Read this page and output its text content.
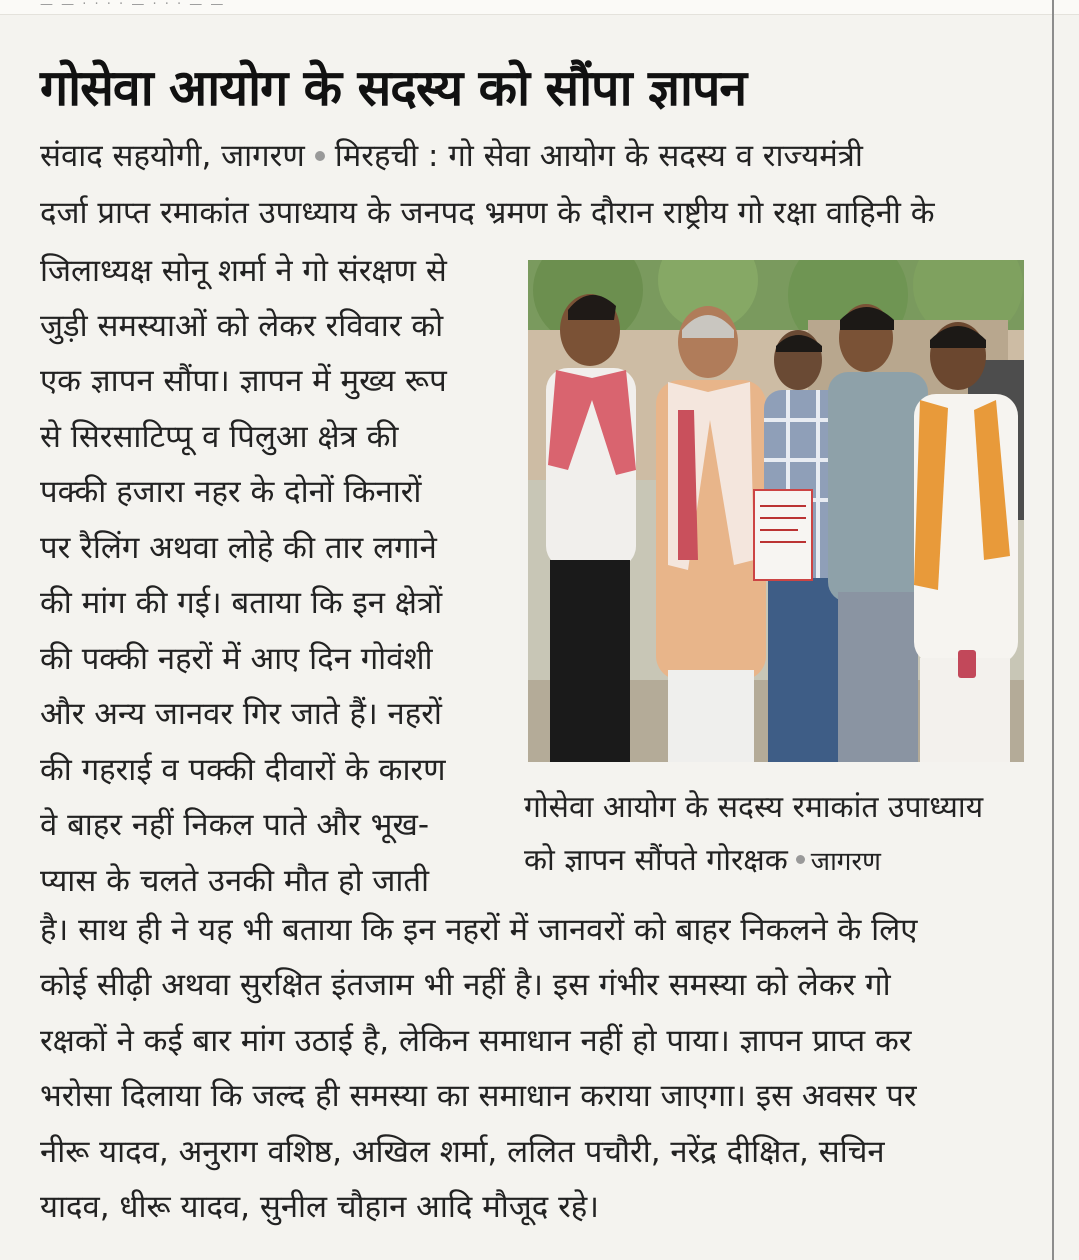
— — · · · · — · · · — —
गोसेवा आयोग के सदस्य को सौंपा ज्ञापन

संवाद सहयोगी, जागरण मिरहची : गो सेवा आयोग के सदस्य व राज्यमंत्री

दर्जा प्राप्त रमाकांत उपाध्याय के जनपद भ्रमण के दौरान राष्ट्रीय गो रक्षा वाहिनी के

जिलाध्यक्ष सोनू शर्मा ने गो संरक्षण से

जुड़ी समस्याओं को लेकर रविवार को

एक ज्ञापन सौंपा। ज्ञापन में मुख्य रूप

से सिरसाटिप्पू व पिलुआ क्षेत्र की

पक्की हजारा नहर के दोनों किनारों

पर रैलिंग अथवा लोहे की तार लगाने

की मांग की गई। बताया कि इन क्षेत्रों

की पक्की नहरों में आए दिन गोवंशी

और अन्य जानवर गिर जाते हैं। नहरों

की गहराई व पक्की दीवारों के कारण

वे बाहर नहीं निकल पाते और भूख-

प्यास के चलते उनकी मौत हो जाती

गोसेवा आयोग के सदस्य रमाकांत उपाध्याय
को ज्ञापन सौंपते गोरक्षक जागरण

है। साथ ही ने यह भी बताया कि इन नहरों में जानवरों को बाहर निकलने के लिए

कोई सीढ़ी अथवा सुरक्षित इंतजाम भी नहीं है। इस गंभीर समस्या को लेकर गो

रक्षकों ने कई बार मांग उठाई है, लेकिन समाधान नहीं हो पाया। ज्ञापन प्राप्त कर

भरोसा दिलाया कि जल्द ही समस्या का समाधान कराया जाएगा। इस अवसर पर

नीरू यादव, अनुराग वशिष्ठ, अखिल शर्मा, ललित पचौरी, नरेंद्र दीक्षित, सचिन

यादव, धीरू यादव, सुनील चौहान आदि मौजूद रहे।
